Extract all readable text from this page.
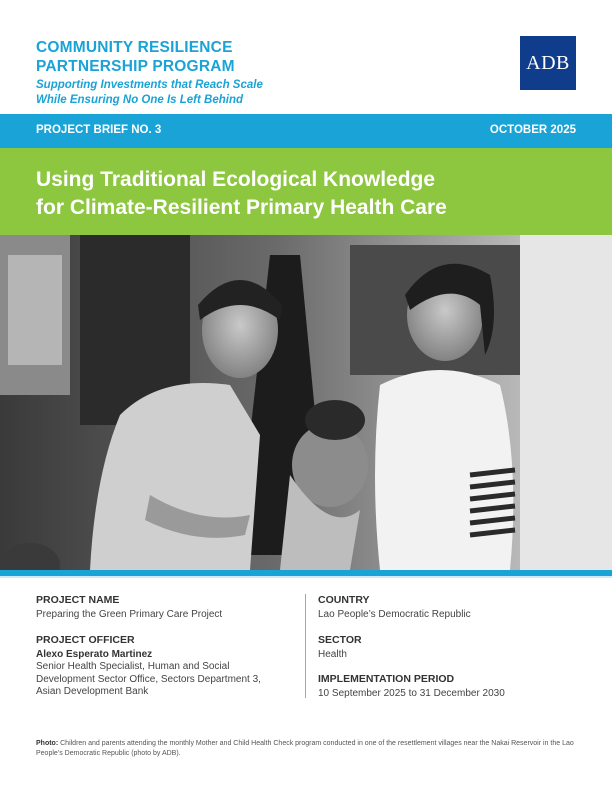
COMMUNITY RESILIENCE
PARTNERSHIP PROGRAM

Supporting Investments that Reach Scale
While Ensuring No One Is Left Behind

ADB
PROJECT BRIEF NO. 3	OCTOBER 2025
Using Traditional Ecological Knowledge
for Climate-Resilient Primary Health Care

PROJECT NAME

Preparing the Green Primary Care Project

PROJECT OFFICER

Alexo Esperato Martinez

Senior Health Specialist, Human and Social
Development Sector Office, Sectors Department 3,
Asian Development Bank

COUNTRY

Lao People’s Democratic Republic

SECTOR

Health

IMPLEMENTATION PERIOD

10 September 2025 to 31 December 2030

Photo: Children and parents attending the monthly Mother and Child Health Check program conducted in one of the resettlement villages near the Nakai Reservoir in the Lao People’s Democratic Republic (photo by ADB).
